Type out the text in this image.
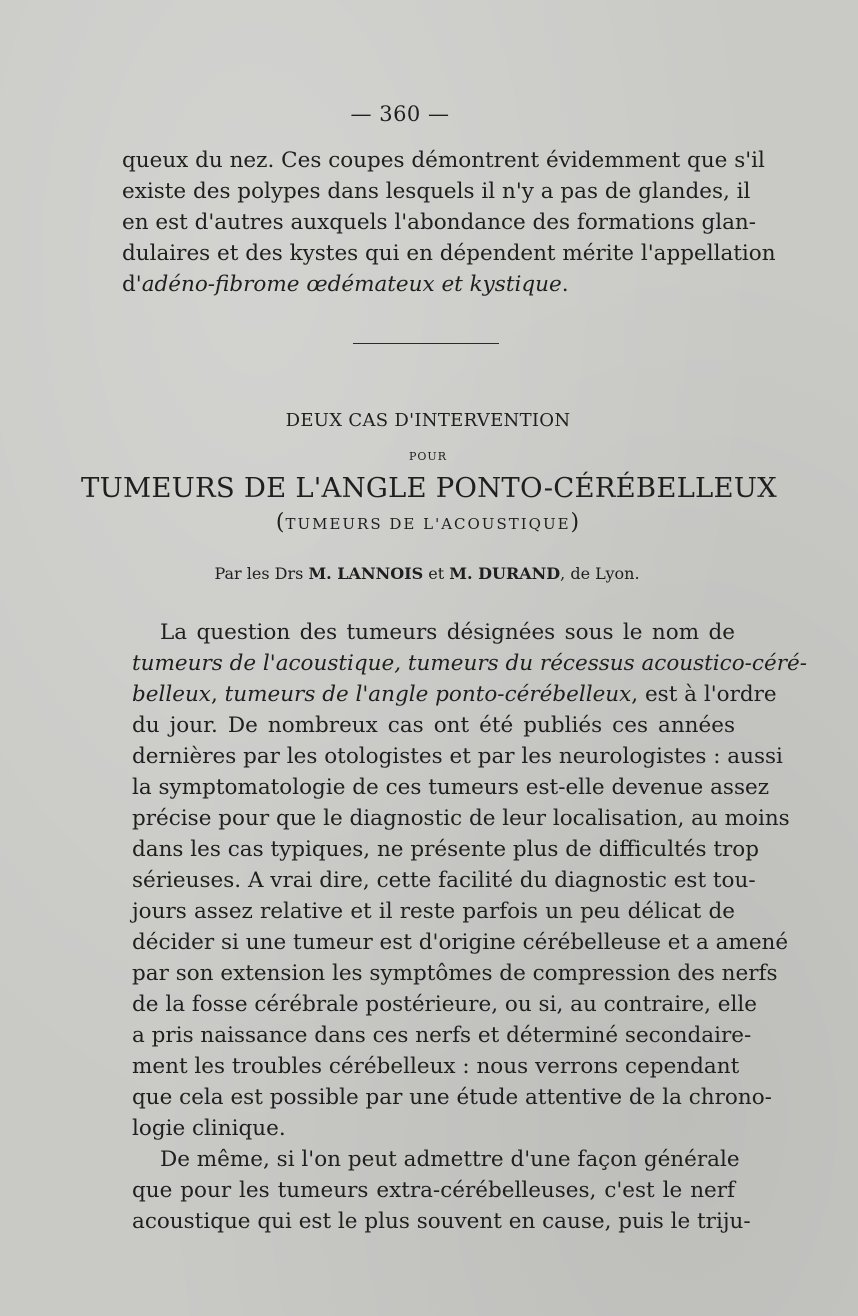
— 360 —
queux du nez. Ces coupes démontrent évidemment que s'il
existe des polypes dans lesquels il n'y a pas de glandes, il
en est d'autres auxquels l'abondance des formations glan-
dulaires et des kystes qui en dépendent mérite l'appellation
d'adéno-fibrome œdémateux et kystique.
DEUX CAS D'INTERVENTION
POUR
TUMEURS DE L'ANGLE PONTO-CÉRÉBELLEUX
(TUMEURS DE L'ACOUSTIQUE)
Par les Drs M. LANNOIS et M. DURAND, de Lyon.
La question des tumeurs désignées sous le nom de
tumeurs de l'acoustique, tumeurs du récessus acoustico-céré-
belleux, tumeurs de l'angle ponto-cérébelleux, est à l'ordre
du jour. De nombreux cas ont été publiés ces années
dernières par les otologistes et par les neurologistes : aussi
la symptomatologie de ces tumeurs est-elle devenue assez
précise pour que le diagnostic de leur localisation, au moins
dans les cas typiques, ne présente plus de difficultés trop
sérieuses. A vrai dire, cette facilité du diagnostic est tou-
jours assez relative et il reste parfois un peu délicat de
décider si une tumeur est d'origine cérébelleuse et a amené
par son extension les symptômes de compression des nerfs
de la fosse cérébrale postérieure, ou si, au contraire, elle
a pris naissance dans ces nerfs et déterminé secondaire-
ment les troubles cérébelleux : nous verrons cependant
que cela est possible par une étude attentive de la chrono-
logie clinique.
De même, si l'on peut admettre d'une façon générale
que pour les tumeurs extra-cérébelleuses, c'est le nerf
acoustique qui est le plus souvent en cause, puis le triju-
